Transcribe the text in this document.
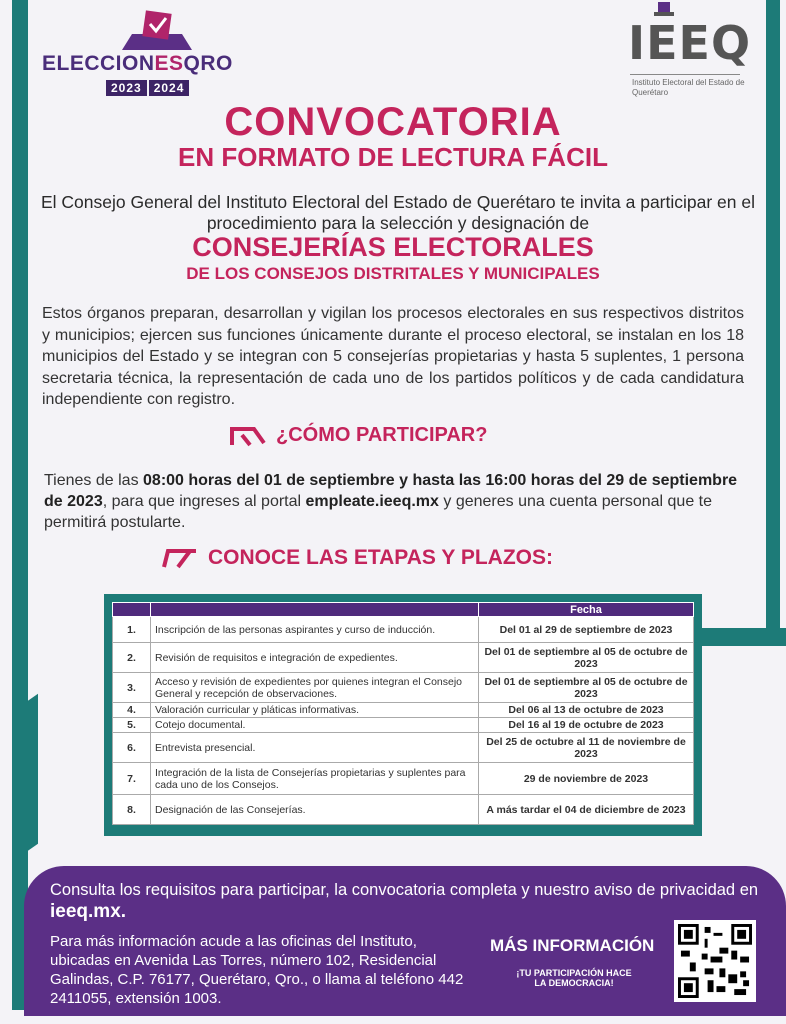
ELECCIONESQRO
2023	2024
IEEQ
Instituto Electoral del Estado de Querétaro
CONVOCATORIA
EN FORMATO DE LECTURA FÁCIL
El Consejo General del Instituto Electoral del Estado de Querétaro te invita a participar en el procedimiento para la selección y designación de
CONSEJERÍAS ELECTORALES
DE LOS CONSEJOS DISTRITALES Y MUNICIPALES
Estos órganos preparan, desarrollan y vigilan los procesos electorales en sus respectivos distritos y municipios; ejercen sus funciones únicamente durante el proceso electoral, se instalan en los 18 municipios del Estado y se integran con 5 consejerías propietarias y hasta 5 suplentes, 1 persona secretaria técnica, la representación de cada uno de los partidos políticos y de cada candidatura independiente con registro.
¿CÓMO PARTICIPAR?
Tienes de las 08:00 horas del 01 de septiembre y hasta las 16:00 horas del 29 de septiembre de 2023, para que ingreses al portal empleate.ieeq.mx y generes una cuenta personal que te permitirá postularte.
CONOCE LAS ETAPAS Y PLAZOS:
		Fecha
1.	Inscripción de las personas aspirantes y curso de inducción.	Del 01 al 29 de septiembre de 2023
2.	Revisión de requisitos e integración de expedientes.	Del 01 de septiembre al 05 de octubre de 2023
3.	Acceso y revisión de expedientes por quienes integran el Consejo General y recepción de observaciones.	Del 01 de septiembre al 05 de octubre de 2023
4.	Valoración curricular y pláticas informativas.	Del 06 al 13 de octubre de 2023
5.	Cotejo documental.	Del 16 al 19 de octubre de 2023
6.	Entrevista presencial.	Del 25 de octubre al 11 de noviembre de 2023
7.	Integración de la lista de Consejerías propietarias y suplentes para cada uno de los Consejos.	29 de noviembre de 2023
8.	Designación de las Consejerías.	A más tardar el 04 de diciembre de 2023
Consulta los requisitos para participar, la convocatoria completa y nuestro aviso de privacidad en ieeq.mx.
Para más información acude a las oficinas del Instituto, ubicadas en Avenida Las Torres, número 102, Residencial Galindas, C.P. 76177, Querétaro, Qro., o llama al teléfono 442 2411055, extensión 1003.
MÁS INFORMACIÓN
¡TU PARTICIPACIÓN HACE LA DEMOCRACIA!
